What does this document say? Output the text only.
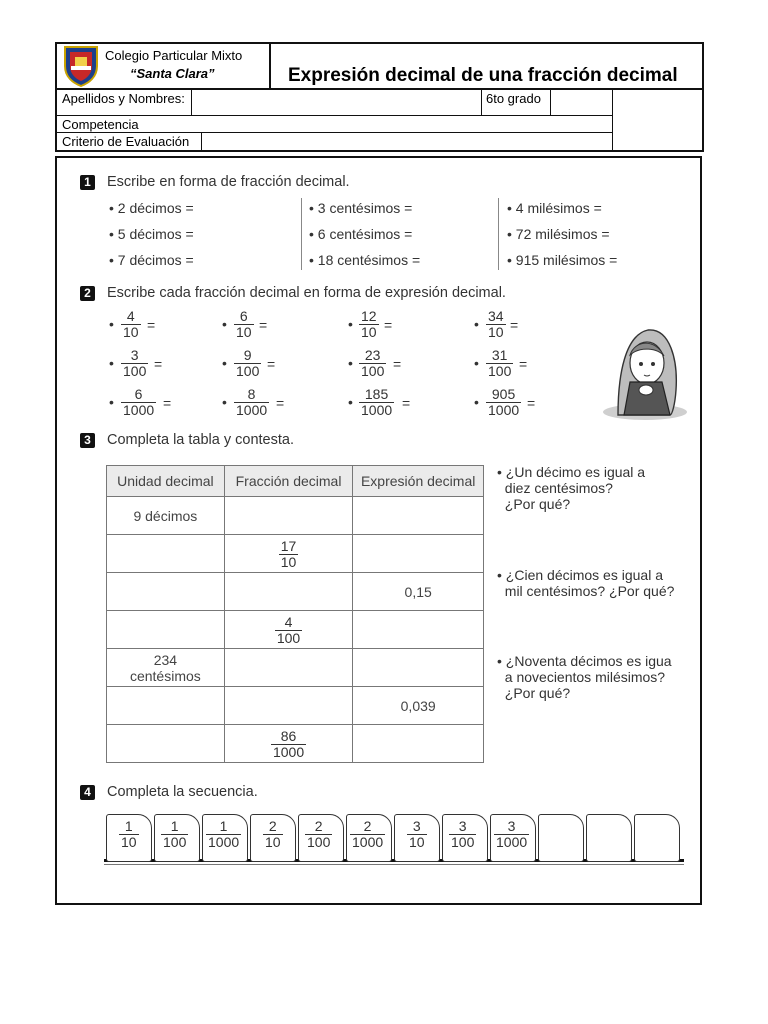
Colegio Particular Mixto
“Santa Clara”	Expresión decimal de una fracción decimal
Apellidos y Nombres:	6to grado
Competencia
Criterio de Evaluación
1 Escribe en forma de fracción decimal.
• 2 décimos =
• 5 décimos =
• 7 décimos =
• 3 centésimos =
• 6 centésimos =
• 18 centésimos =
• 4 milésimos =
• 72 milésimos =
• 915 milésimos =
2 Escribe cada fracción decimal en forma de expresión decimal.
• $\frac{4}{10}$ =	• $\frac{6}{10}$ =	• $\frac{12}{10}$ =	• $\frac{34}{10}$ =
• $\frac{3}{100}$ =	• $\frac{9}{100}$ =	• $\frac{23}{100}$ =	• $\frac{31}{100}$ =
• $\frac{6}{1000}$ =	• $\frac{8}{1000}$ =	• $\frac{185}{1000}$ =	• $\frac{905}{1000}$ =
3 Completa la tabla y contesta.
Unidad decimal	Fracción decimal	Expresión decimal
9 décimos		

	$\frac{17}{10}$

		0,15

	$\frac{4}{100}$

234
centésimos		
		0,039

	$\frac{86}{1000}$

• ¿Un décimo es igual a
diez centésimos?
¿Por qué?
• ¿Cien décimos es igual a
mil centésimos? ¿Por qué?
• ¿Noventa décimos es igua
a novecientos milésimos?
¿Por qué?
4 Completa la secuencia.
$\frac{1}{10} \frac{1}{100} \frac{1}{1000} \frac{2}{10} \frac{2}{100} \frac{2}{1000} \frac{3}{10} \frac{3}{100} \frac{3}{1000}$
